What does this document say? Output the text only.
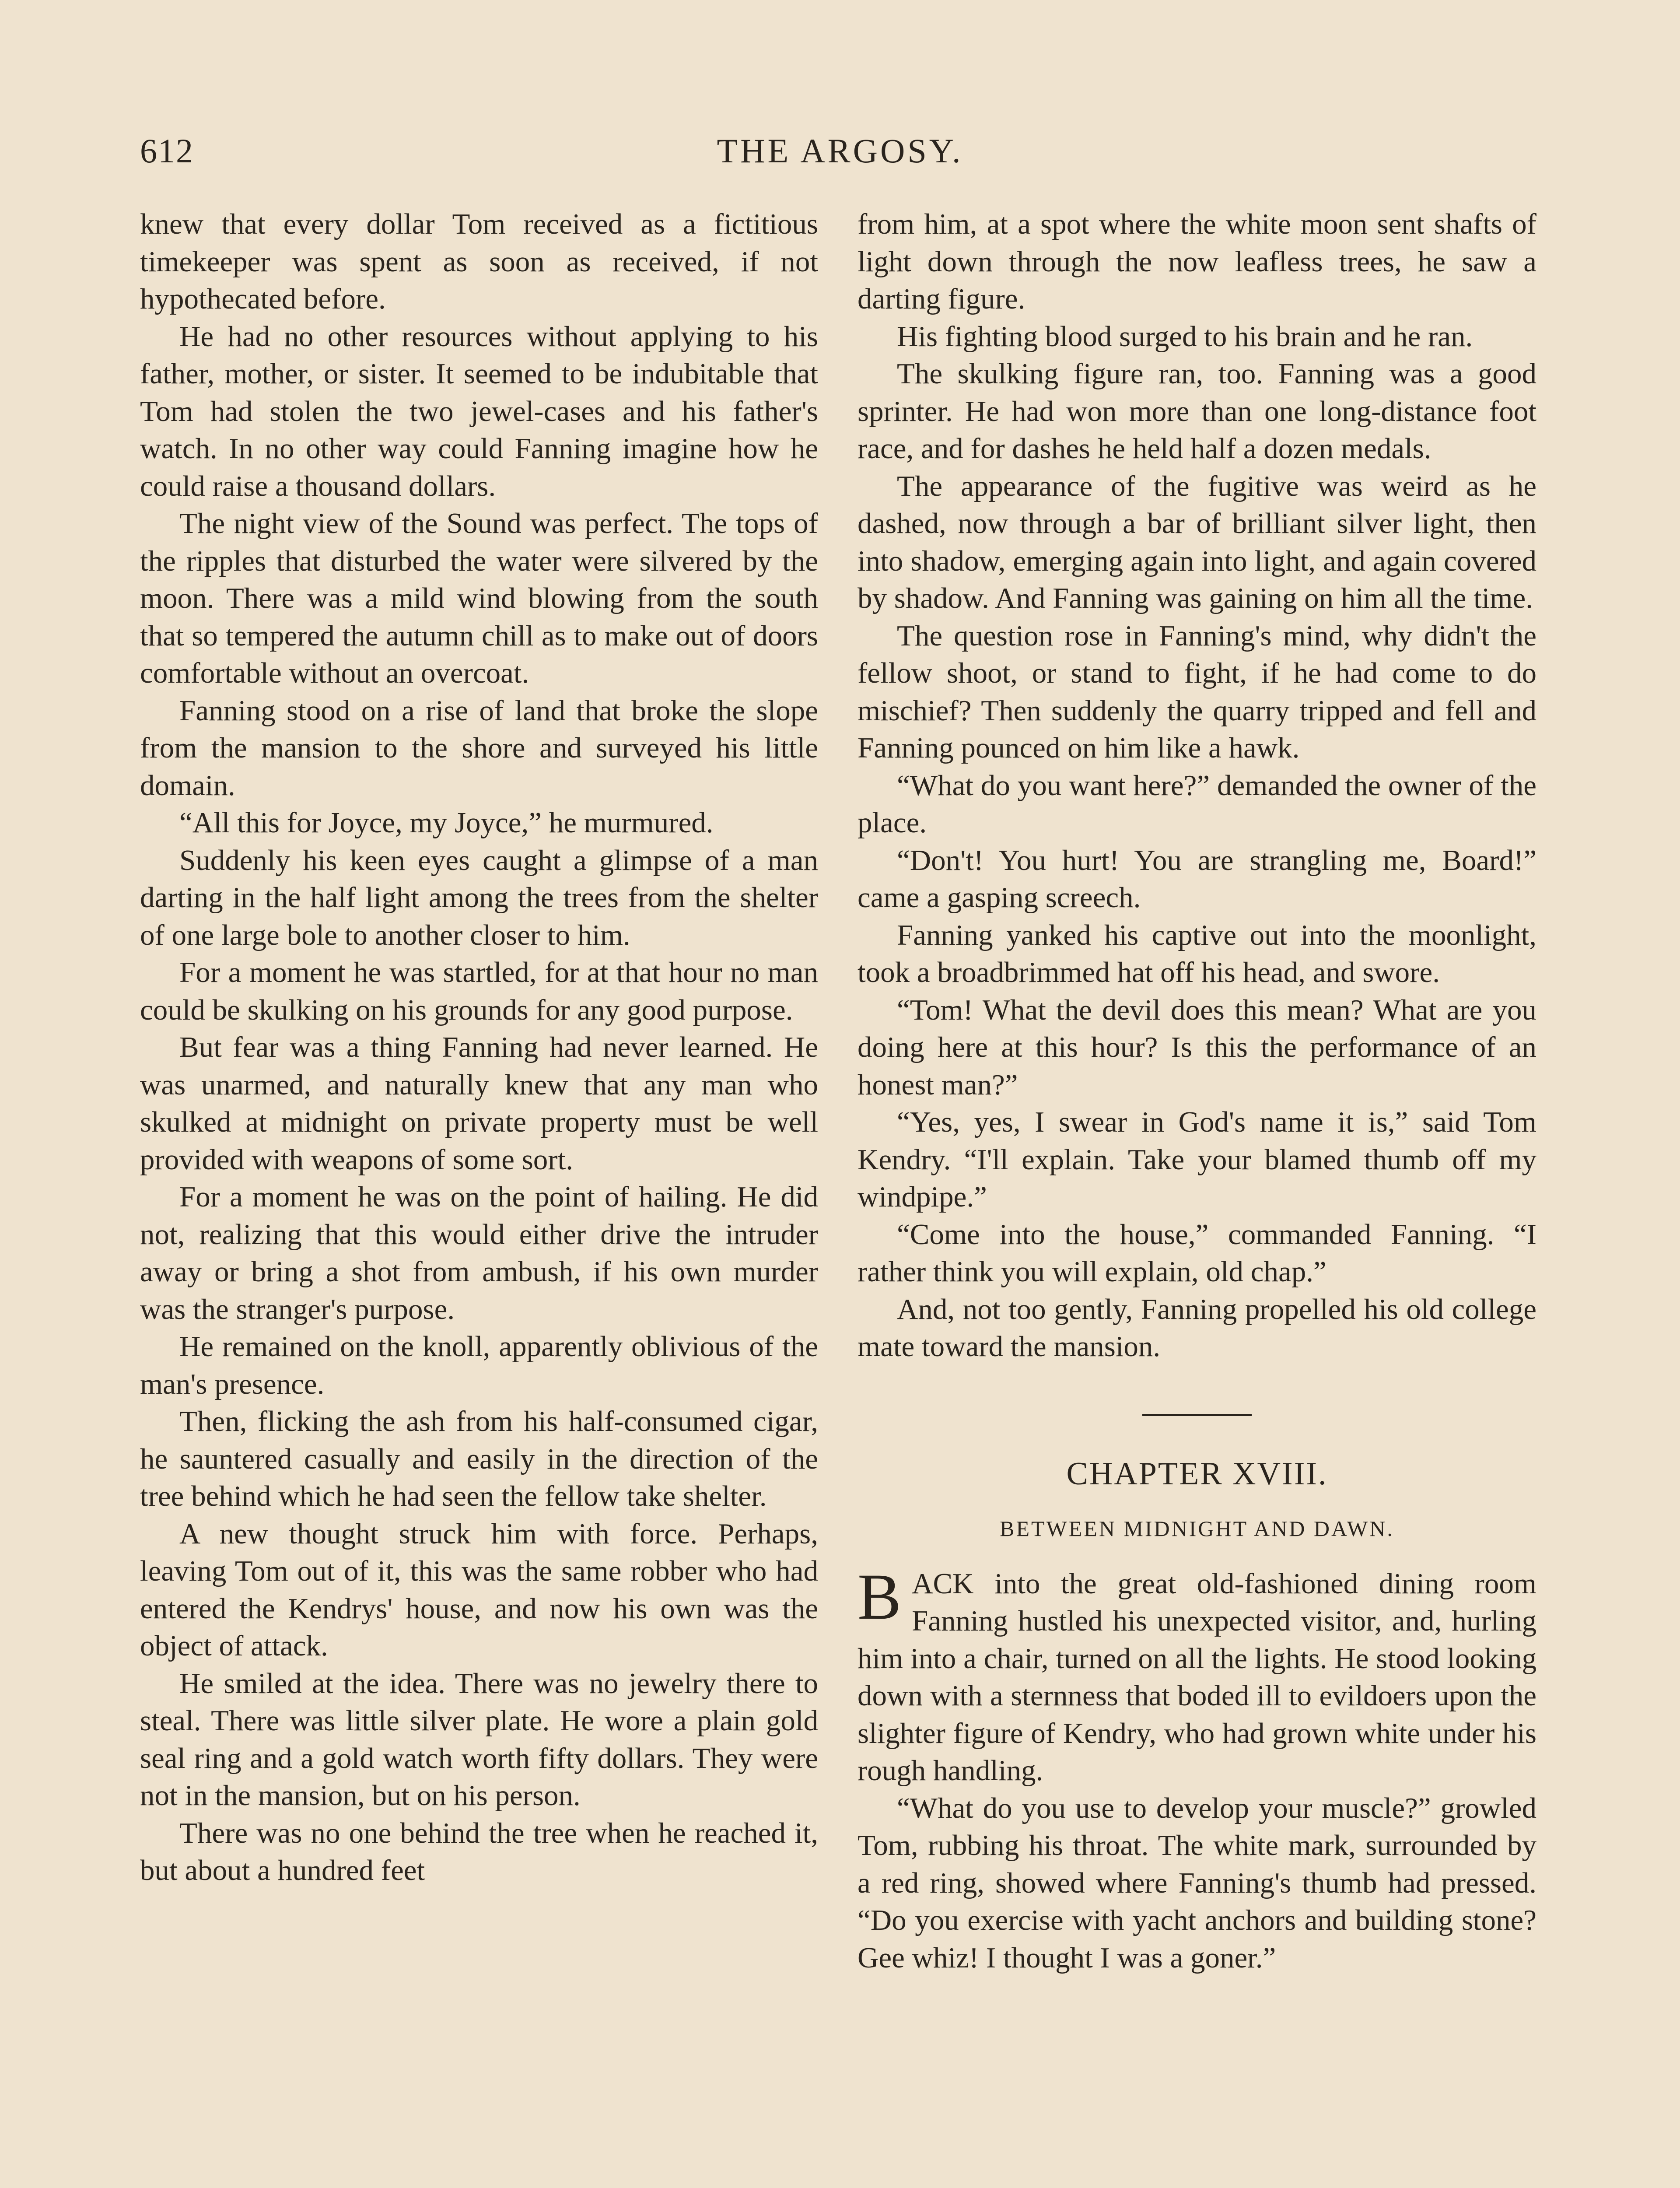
612	THE ARGOSY.

knew that every dollar Tom received as a fictitious timekeeper was spent as soon as received, if not hypothecated before.

He had no other resources without applying to his father, mother, or sister. It seemed to be indubitable that Tom had stolen the two jewel-cases and his father's watch. In no other way could Fanning imagine how he could raise a thousand dollars.

The night view of the Sound was perfect. The tops of the ripples that disturbed the water were silvered by the moon. There was a mild wind blowing from the south that so tempered the autumn chill as to make out of doors comfortable without an overcoat.

Fanning stood on a rise of land that broke the slope from the mansion to the shore and surveyed his little domain.

“All this for Joyce, my Joyce,” he murmured.

Suddenly his keen eyes caught a glimpse of a man darting in the half light among the trees from the shelter of one large bole to another closer to him.

For a moment he was startled, for at that hour no man could be skulking on his grounds for any good purpose.

But fear was a thing Fanning had never learned. He was unarmed, and naturally knew that any man who skulked at midnight on private property must be well provided with weapons of some sort.

For a moment he was on the point of hailing. He did not, realizing that this would either drive the intruder away or bring a shot from ambush, if his own murder was the stranger's purpose.

He remained on the knoll, apparently oblivious of the man's presence.

Then, flicking the ash from his half-consumed cigar, he sauntered casually and easily in the direction of the tree behind which he had seen the fellow take shelter.

A new thought struck him with force. Perhaps, leaving Tom out of it, this was the same robber who had entered the Kendrys' house, and now his own was the object of attack.

He smiled at the idea. There was no jewelry there to steal. There was little silver plate. He wore a plain gold seal ring and a gold watch worth fifty dollars. They were not in the mansion, but on his person.

There was no one behind the tree when he reached it, but about a hundred feet

from him, at a spot where the white moon sent shafts of light down through the now leafless trees, he saw a darting figure.

His fighting blood surged to his brain and he ran.

The skulking figure ran, too. Fanning was a good sprinter. He had won more than one long-distance foot race, and for dashes he held half a dozen medals.

The appearance of the fugitive was weird as he dashed, now through a bar of brilliant silver light, then into shadow, emerging again into light, and again covered by shadow. And Fanning was gaining on him all the time.

The question rose in Fanning's mind, why didn't the fellow shoot, or stand to fight, if he had come to do mischief? Then suddenly the quarry tripped and fell and Fanning pounced on him like a hawk.

“What do you want here?” demanded the owner of the place.

“Don't! You hurt! You are strangling me, Board!” came a gasping screech.

Fanning yanked his captive out into the moonlight, took a broadbrimmed hat off his head, and swore.

“Tom! What the devil does this mean? What are you doing here at this hour? Is this the performance of an honest man?”

“Yes, yes, I swear in God's name it is,” said Tom Kendry. “I'll explain. Take your blamed thumb off my windpipe.”

“Come into the house,” commanded Fanning. “I rather think you will explain, old chap.”

And, not too gently, Fanning propelled his old college mate toward the mansion.

CHAPTER XVIII.
BETWEEN MIDNIGHT AND DAWN.

BACK into the great old-fashioned dining room Fanning hustled his unexpected visitor, and, hurling him into a chair, turned on all the lights. He stood looking down with a sternness that boded ill to evildoers upon the slighter figure of Kendry, who had grown white under his rough handling.

“What do you use to develop your muscle?” growled Tom, rubbing his throat. The white mark, surrounded by a red ring, showed where Fanning's thumb had pressed. “Do you exercise with yacht anchors and building stone? Gee whiz! I thought I was a goner.”
